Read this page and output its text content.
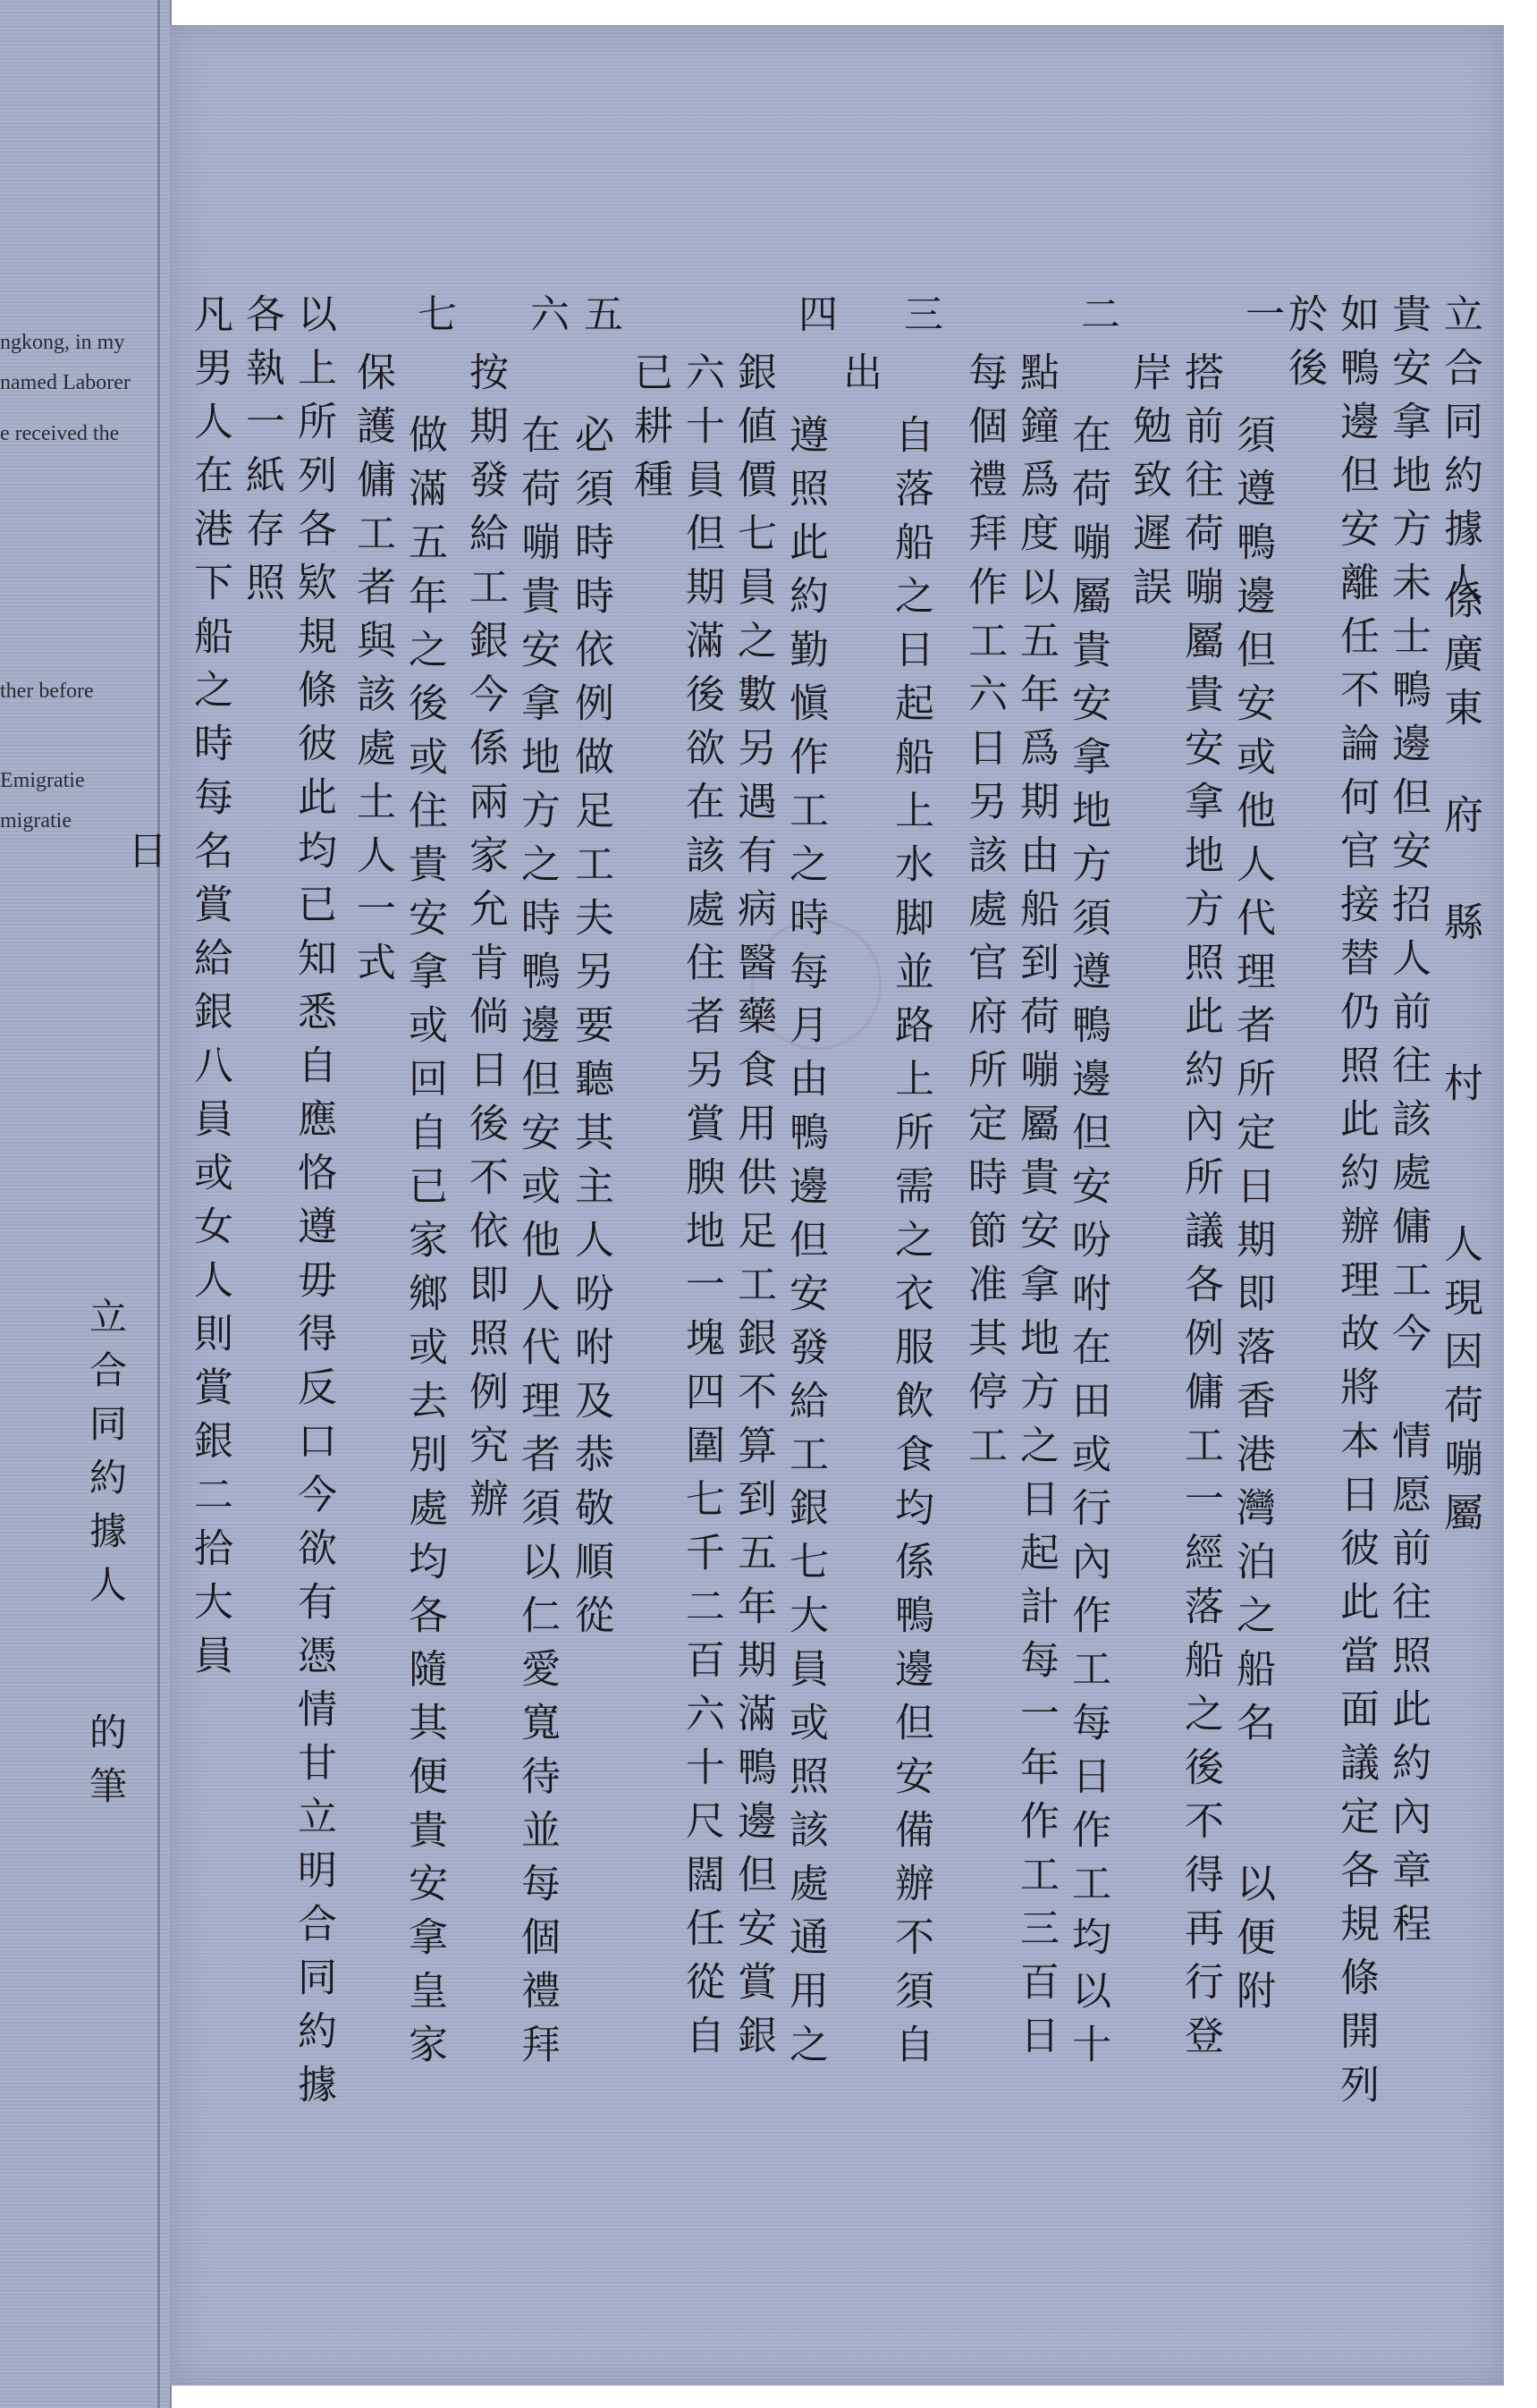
ngkong, in my
named Laborer
e received the
ther before
Emigratie
migratie
日
立合同約據人
係廣東　府　縣　　村　　人現因荷嘣屬
貴安拿地方未士鴨邊但安招人前往該處傭工今　情愿前往照此約內章程
如鴨邊但安離任不論何官接替仍照此約辦理故將本日彼此當面議定各規條開列
於後
一
須遵鴨邊但安或他人代理者所定日期即落香港灣泊之船名　　以便附
搭前往荷嘣屬貴安拿地方照此約內所議各例傭工一經落船之後不得再行登
岸勉致遲誤
二
在荷嘣屬貴安拿地方須遵鴨邊但安吩咐在田或行內作工每日作工均以十
點鐘爲度以五年爲期由船到荷嘣屬貴安拿地方之日起計每一年作工三百日
每個禮拜作工六日另該處官府所定時節准其停工
三
自落船之日起船上水脚並路上所需之衣服飲食均係鴨邊但安備辦不須自
出
四
遵照此約勤愼作工之時每月由鴨邊但安發給工銀七大員或照該處通用之
銀値價七員之數另遇有病醫藥食用供足工銀不算到五年期滿鴨邊但安賞銀
六十員但期滿後欲在該處住者另賞腴地一塊四圍七千二百六十尺闊任從自
已耕種
五
必須時時依例做足工夫另要聽其主人吩咐及恭敬順從
六
在荷嘣貴安拿地方之時鴨邊但安或他人代理者須以仁愛寬待並每個禮拜
按期發給工銀今係兩家允肯倘日後不依即照例究辦
七
做滿五年之後或住貴安拿或回自已家鄉或去別處均各隨其便貴安拿皇家
保護傭工者與該處土人一式
以上所列各欵規條彼此均已知悉自應恪遵毋得反口今欲有憑情甘立明合同約據
各執一紙存照
凡男人在港下船之時每名賞給銀八員或女人則賞銀二拾大員
立合同約據人
的筆
